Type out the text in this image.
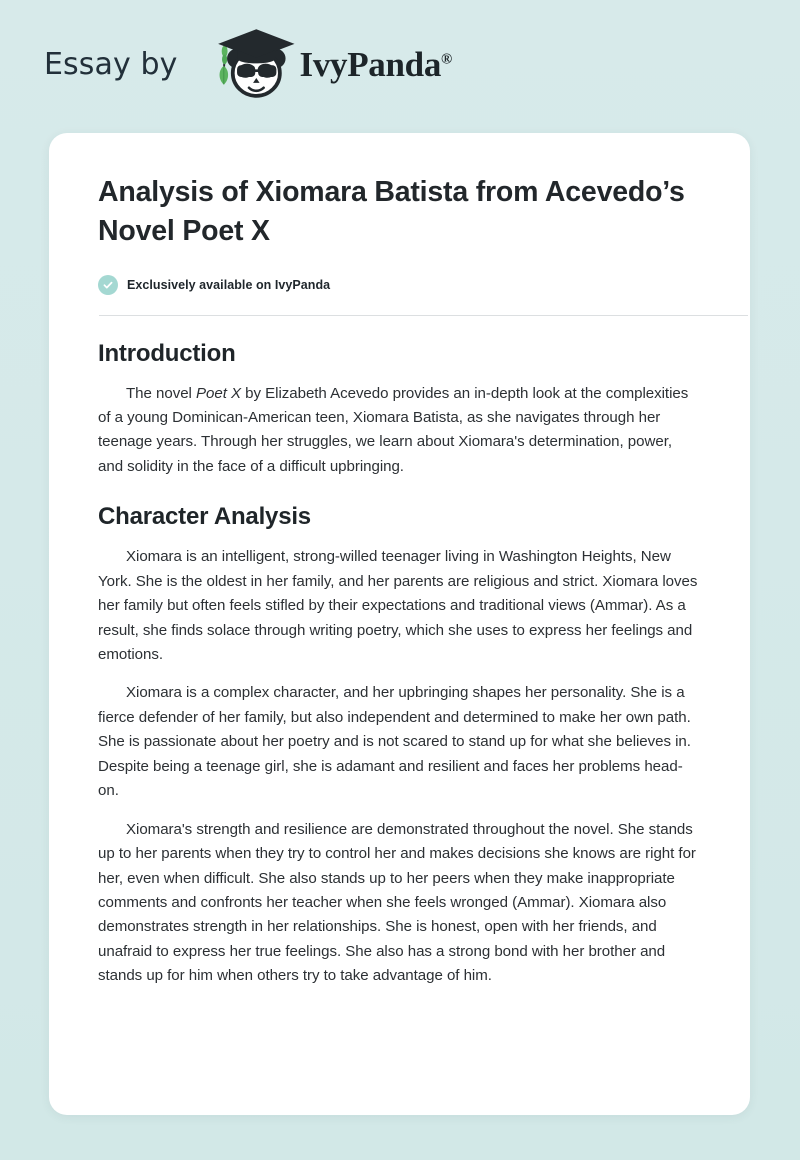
Essay by	IvyPanda®
Analysis of Xiomara Batista from Acevedo’s Novel Poet X
Exclusively available on IvyPanda
Introduction

The novel Poet X by Elizabeth Acevedo provides an in-depth look at the complexities of a young Dominican-American teen, Xiomara Batista, as she navigates through her teenage years. Through her struggles, we learn about Xiomara's determination, power, and solidity in the face of a difficult upbringing.

Character Analysis

Xiomara is an intelligent, strong-willed teenager living in Washington Heights, New York. She is the oldest in her family, and her parents are religious and strict. Xiomara loves her family but often feels stifled by their expectations and traditional views (Ammar). As a result, she finds solace through writing poetry, which she uses to express her feelings and emotions.

Xiomara is a complex character, and her upbringing shapes her personality. She is a fierce defender of her family, but also independent and determined to make her own path. She is passionate about her poetry and is not scared to stand up for what she believes in. Despite being a teenage girl, she is adamant and resilient and faces her problems head-on.

Xiomara's strength and resilience are demonstrated throughout the novel. She stands up to her parents when they try to control her and makes decisions she knows are right for her, even when difficult. She also stands up to her peers when they make inappropriate comments and confronts her teacher when she feels wronged (Ammar). Xiomara also demonstrates strength in her relationships. She is honest, open with her friends, and unafraid to express her true feelings. She also has a strong bond with her brother and stands up for him when others try to take advantage of him.
